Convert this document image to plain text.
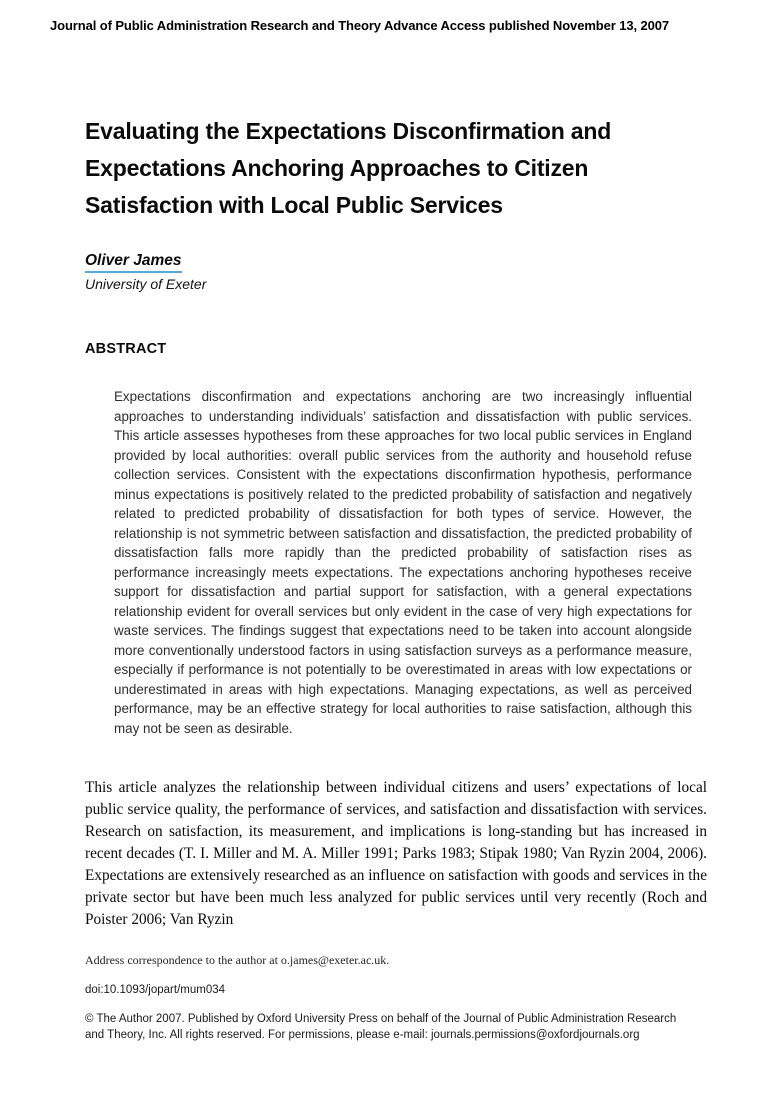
Journal of Public Administration Research and Theory Advance Access published November 13, 2007
Evaluating the Expectations Disconfirmation and Expectations Anchoring Approaches to Citizen Satisfaction with Local Public Services
Oliver James
University of Exeter
ABSTRACT
Expectations disconfirmation and expectations anchoring are two increasingly influential approaches to understanding individuals’ satisfaction and dissatisfaction with public services. This article assesses hypotheses from these approaches for two local public services in England provided by local authorities: overall public services from the authority and household refuse collection services. Consistent with the expectations disconfirmation hypothesis, performance minus expectations is positively related to the predicted probability of satisfaction and negatively related to predicted probability of dissatisfaction for both types of service. However, the relationship is not symmetric between satisfaction and dissatisfaction, the predicted probability of dissatisfaction falls more rapidly than the predicted probability of satisfaction rises as performance increasingly meets expectations. The expectations anchoring hypotheses receive support for dissatisfaction and partial support for satisfaction, with a general expectations relationship evident for overall services but only evident in the case of very high expectations for waste services. The findings suggest that expectations need to be taken into account alongside more conventionally understood factors in using satisfaction surveys as a performance measure, especially if performance is not potentially to be overestimated in areas with low expectations or underestimated in areas with high expectations. Managing expectations, as well as perceived performance, may be an effective strategy for local authorities to raise satisfaction, although this may not be seen as desirable.
This article analyzes the relationship between individual citizens and users’ expectations of local public service quality, the performance of services, and satisfaction and dissatisfaction with services. Research on satisfaction, its measurement, and implications is long-standing but has increased in recent decades (T. I. Miller and M. A. Miller 1991; Parks 1983; Stipak 1980; Van Ryzin 2004, 2006). Expectations are extensively researched as an influence on satisfaction with goods and services in the private sector but have been much less analyzed for public services until very recently (Roch and Poister 2006; Van Ryzin
Address correspondence to the author at o.james@exeter.ac.uk.
doi:10.1093/jopart/mum034
© The Author 2007. Published by Oxford University Press on behalf of the Journal of Public Administration Research and Theory, Inc. All rights reserved. For permissions, please e-mail: journals.permissions@oxfordjournals.org
